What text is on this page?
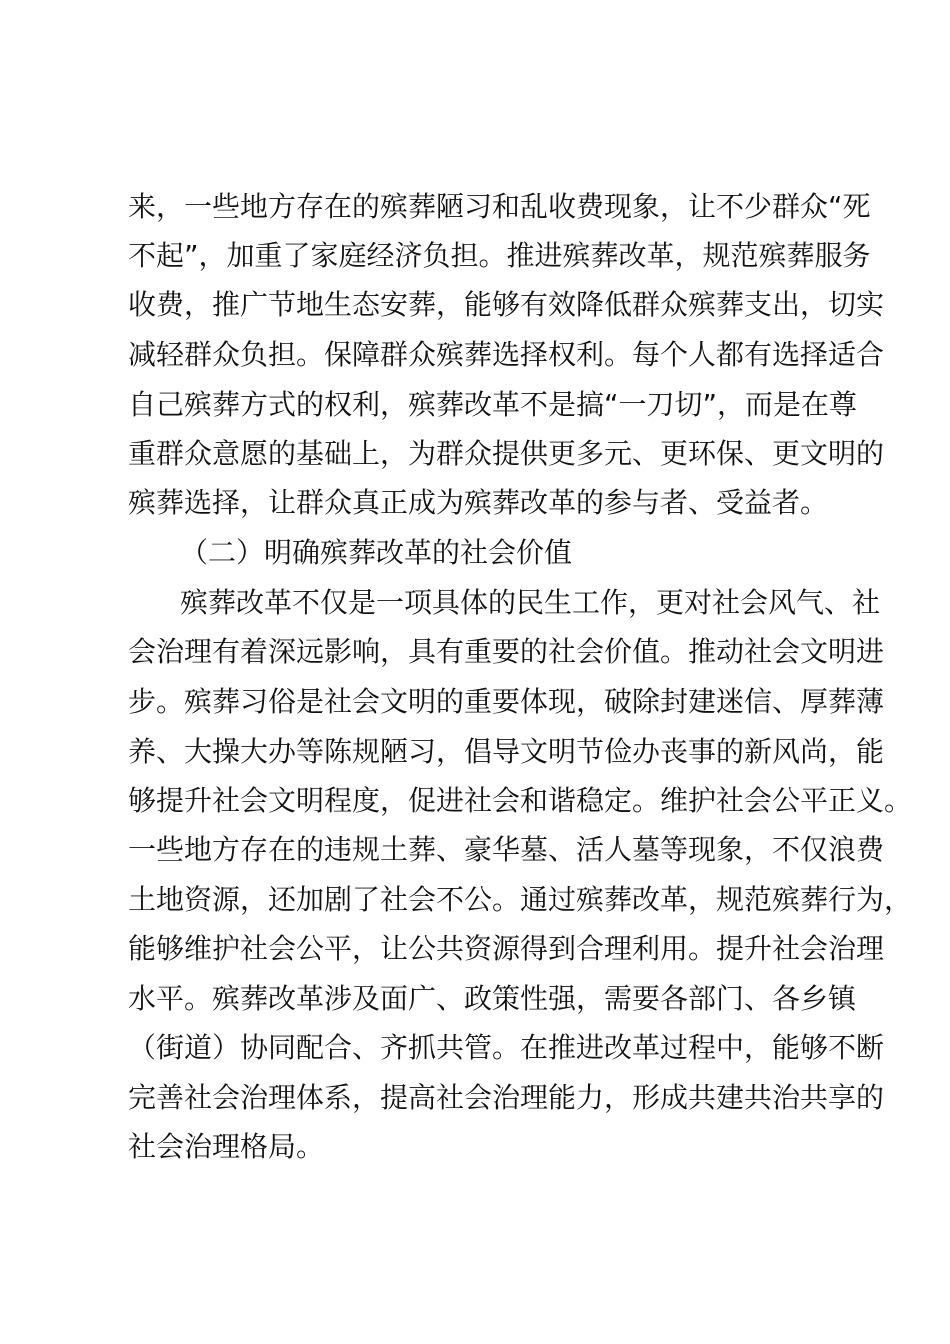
来，一些地方存在的殡葬陋习和乱收费现象，让不少群众“死
不起”，加重了家庭经济负担。推进殡葬改革，规范殡葬服务
收费，推广节地生态安葬，能够有效降低群众殡葬支出，切实
减轻群众负担。保障群众殡葬选择权利。每个人都有选择适合
自己殡葬方式的权利，殡葬改革不是搞“一刀切”，而是在尊
重群众意愿的基础上，为群众提供更多元、更环保、更文明的
殡葬选择，让群众真正成为殡葬改革的参与者、受益者。
（二）明确殡葬改革的社会价值
殡葬改革不仅是一项具体的民生工作，更对社会风气、社
会治理有着深远影响，具有重要的社会价值。推动社会文明进
步。殡葬习俗是社会文明的重要体现，破除封建迷信、厚葬薄
养、大操大办等陈规陋习，倡导文明节俭办丧事的新风尚，能
够提升社会文明程度，促进社会和谐稳定。维护社会公平正义。
一些地方存在的违规土葬、豪华墓、活人墓等现象，不仅浪费
土地资源，还加剧了社会不公。通过殡葬改革，规范殡葬行为，
能够维护社会公平，让公共资源得到合理利用。提升社会治理
水平。殡葬改革涉及面广、政策性强，需要各部门、各乡镇
（街道）协同配合、齐抓共管。在推进改革过程中，能够不断
完善社会治理体系，提高社会治理能力，形成共建共治共享的
社会治理格局。
